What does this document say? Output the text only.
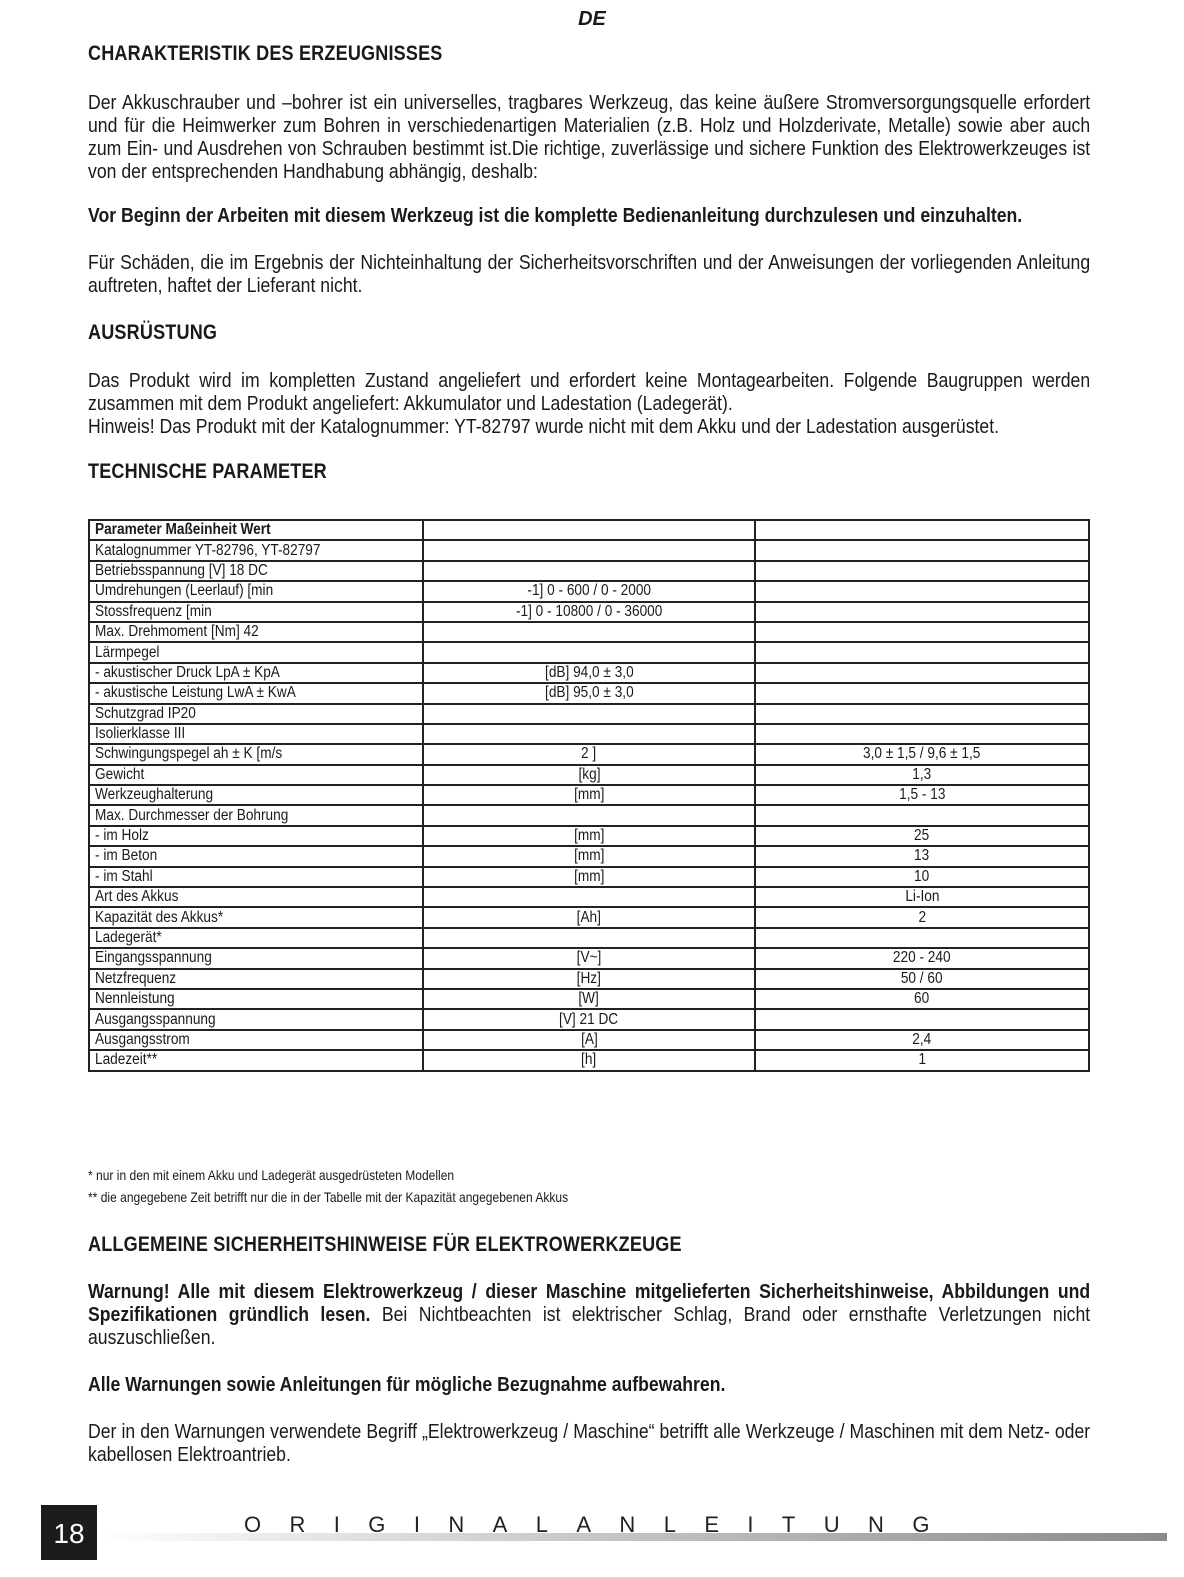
DE
CHARAKTERISTIK DES ERZEUGNISSES

Der Akkuschrauber und –bohrer ist ein universelles, tragbares Werkzeug, das keine äußere Stromversorgungsquelle erfordert und für die Heimwerker zum Bohren in verschiedenartigen Materialien (z.B. Holz und Holzderivate, Metalle) sowie aber auch zum Ein- und Ausdrehen von Schrauben bestimmt ist.Die richtige, zuverlässige und sichere Funktion des Elektrowerkzeuges ist von der entsprechenden Handhabung abhängig, deshalb:

Vor Beginn der Arbeiten mit diesem Werkzeug ist die komplette Bedienanleitung durchzulesen und einzuhalten.

Für Schäden, die im Ergebnis der Nichteinhaltung der Sicherheitsvorschriften und der Anweisungen der vorliegenden Anleitung auftreten, haftet der Lieferant nicht.

AUSRÜSTUNG

Das Produkt wird im kompletten Zustand angeliefert und erfordert keine Montagearbeiten. Folgende Baugruppen werden zusammen mit dem Produkt angeliefert: Akkumulator und Ladestation (Ladegerät).

Hinweis! Das Produkt mit der Katalognummer: YT-82797 wurde nicht mit dem Akku und der Ladestation ausgerüstet.

TECHNISCHE PARAMETER
Parameter Maßeinheit Wert		
Katalognummer YT-82796, YT-82797		
Betriebsspannung [V] 18 DC		
Umdrehungen (Leerlauf) [min	-1] 0 - 600 / 0 - 2000	
Stossfrequenz [min	-1] 0 - 10800 / 0 - 36000	
Max. Drehmoment [Nm] 42		
Lärmpegel		
- akustischer Druck LpA ± KpA	[dB] 94,0 ± 3,0	
- akustische Leistung LwA ± KwA	[dB] 95,0 ± 3,0	
Schutzgrad IP20		
Isolierklasse III		
Schwingungspegel ah ± K [m/s	2 ]	3,0 ± 1,5 / 9,6 ± 1,5
Gewicht	[kg]	1,3
Werkzeughalterung	[mm]	1,5 - 13
Max. Durchmesser der Bohrung		
- im Holz	[mm]	25
- im Beton	[mm]	13
- im Stahl	[mm]	10
Art des Akkus		Li-Ion
Kapazität des Akkus*	[Ah]	2
Ladegerät*		
Eingangsspannung	[V~]	220 - 240
Netzfrequenz	[Hz]	50 / 60
Nennleistung	[W]	60
Ausgangsspannung	[V] 21 DC	
Ausgangsstrom	[A]	2,4
Ladezeit**	[h]	1
* nur in den mit einem Akku und Ladegerät ausgedrüsteten Modellen
** die angegebene Zeit betrifft nur die in der Tabelle mit der Kapazität angegebenen Akkus
ALLGEMEINE SICHERHEITSHINWEISE FÜR ELEKTROWERKZEUGE

Warnung! Alle mit diesem Elektrowerkzeug / dieser Maschine mitgelieferten Sicherheitshinweise, Abbildungen und Spezifikationen gründlich lesen. Bei Nichtbeachten ist elektrischer Schlag, Brand oder ernsthafte Verletzungen nicht auszuschließen.

Alle Warnungen sowie Anleitungen für mögliche Bezugnahme aufbewahren.

Der in den Warnungen verwendete Begriff „Elektrowerkzeug / Maschine“ betrifft alle Werkzeuge / Maschinen mit dem Netz- oder kabellosen Elektroantrieb.

18	ORIGINALANLEITUNG
